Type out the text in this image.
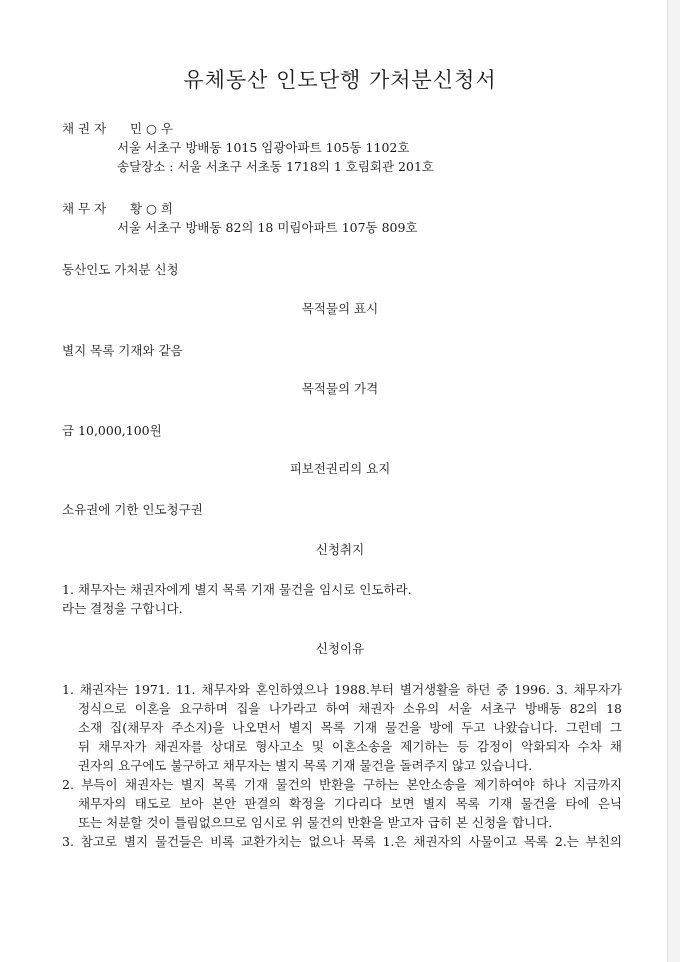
유체동산 인도단행 가처분신청서
채 권 자 민 ○ 우
서울 서초구 방배동 1015 임광아파트 105동 1102호
송달장소 : 서울 서초구 서초동 1718의 1 호림회관 201호
채 무 자 황 ○ 희
서울 서초구 방배동 82의 18 미림아파트 107동 809호
동산인도 가처분 신청
목적물의 표시
별지 목록 기재와 같음
목적물의 가격
금 10,000,100원
피보전권리의 요지
소유권에 기한 인도청구권
신청취지
1. 채무자는 채권자에게 별지 목록 기재 물건을 임시로 인도하라.
라는 결정을 구합니다.
신청이유
1. 채권자는 1971. 11. 채무자와 혼인하였으나 1988.부터 별거생활을 하던 중 1996. 3. 채무자가
정식으로 이혼을 요구하며 집을 나가라고 하여 채권자 소유의 서울 서초구 방배동 82의 18
소재 집(채무자 주소지)을 나오면서 별지 목록 기재 물건을 방에 두고 나왔습니다. 그런데 그
뒤 채무자가 채권자를 상대로 형사고소 및 이혼소송을 제기하는 등 감정이 악화되자 수차 채
권자의 요구에도 불구하고 채무자는 별지 목록 기재 물건을 돌려주지 않고 있습니다.
2. 부득이 채권자는 별지 목록 기재 물건의 반환을 구하는 본안소송을 제기하여야 하나 지금까지
채무자의 태도로 보아 본안 판결의 확정을 기다리다 보면 별지 목록 기재 물건을 타에 은닉
또는 처분할 것이 틀림없으므로 임시로 위 물건의 반환을 받고자 급히 본 신청을 합니다.
3. 참고로 별지 물건들은 비록 교환가치는 없으나 목록 1.은 채권자의 사물이고 목록 2.는 부친의
